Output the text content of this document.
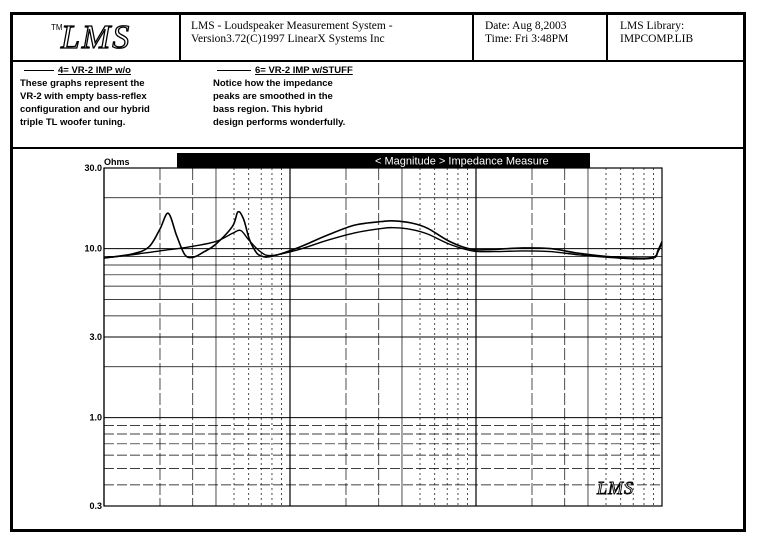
TM
LMS	LMS - Loudspeaker Measurement System -
Version3.72(C)1997 LinearX Systems Inc
Date: Aug 8,2003
Time: Fri 3:48PM
LMS Library:
IMPCOMP.LIB
4= VR-2 IMP w/o
These graphs represent the
VR-2 with empty bass-reflex
configuration and our hybrid
triple TL woofer tuning.
6= VR-2 IMP w/STUFF
Notice how the impedance
peaks are smoothed in the
bass region. This hybrid
design performs wonderfully.
< Magnitude > Impedance Measure
Ohms
30.0
10.0
3.0
1.0
0.3
LMS
